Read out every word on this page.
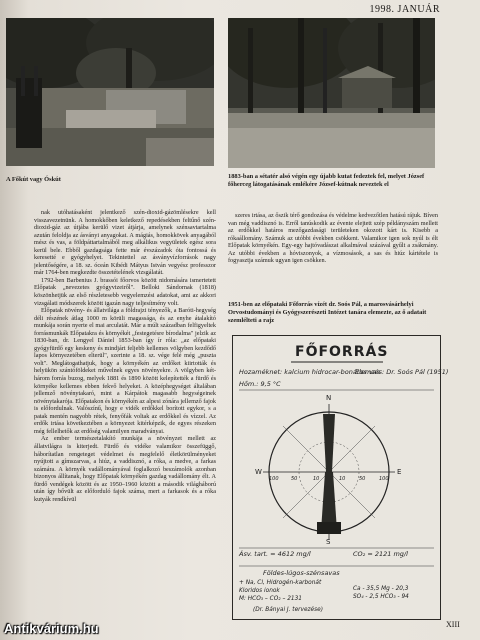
1998. JANUÁR
A Főkút vagy Óskút	1883-ban a sétatér alsó végén egy újabb kutat fedeztek fel, melyet József főherceg látogatásának emlékére József-kútnak neveztek el

nak utóhatásaként jelentkező szén-dioxid-gázömlésekre kell visszavezetnünk. A homokkőben keletkező repedésekben feltűnő szén-dioxid-gáz az útjába kerülő vizet átjárja, amelynek szénsavtartalma azután feloldja az ásványi anyagokat. A mágiás, homokkövek anyagából mész és vas, a földpáttartalmából meg alkálikus vegyületek egész sora kerül bele. Ebből gazdagsága fette már évszázadok óta fontossá és keresetté e gyógyhelyet. Tekintettel az ásványvízforrások nagy jelentőségére, a 18. sz. óceán Kibédi Mátyus István vegyész professzor már 1764-ben megkezdte összetételének vizsgálatát.

1792-ben Barbenius J. brassói főorvos között nidomására ismertetett Előpatak „nevezetes gyógyvizeiről". Belloki Sándornak (1818) köszönhetjük az első részletesebb vegyelemzési adatokat, ami az akkori vizsgálati módszerek között igazán nagy teljesítmény volt.

Előpatak növény- és állatvilága a földrajzi tényezők, a Baróti-hegység déli részének átlag 1000 m körüli magassága, és az enyhe átalakító munkája során nyerte el mai arculatát. Már a múlt században felfigyeltek forrásmunkák Előpatakra és környékét „festegetésre bírodalma" jelzik az 1830-ban, dr. Lengyel Dániel 1853-ban így ír róla: „az előpataki gyógyfürdő egy keskeny és mindjárt feljebb kellemes völgyben kezdődő lapos környezetében elterül", szerinte a 18. sz. vége felé még „puszta volt". Meglátogathatjuk, hogy a környékén az erdőket kiirtották és helyükön szántóföldeket művelnek egyes növényekre. A völgyben két-három forrás buzog, melyek 1881 és 1890 között kelepítették a fürdő és környéke kellemes ebben fekvő helyeket. A középhegységet általában jellemző növénytakaró, mint a Kárpátok magasabb hegységeinek növénytakarója. Előpatakon és környékén az alpesi zónára jellemző fajok is előfordulnak. Valószínű, hogy e vidék erdőkkel borított egykor, s a patak mentén nagyobb rétek, fenyőfák voltak az erdőkkel és vízzel. Az erdők irtása következtében a környezet kitérképzik, de egyes részeken még fellelhetők az erdőség valamilyen maradványai.

Az ember természetalakító munkája a növényzet mellett az állatvilágra is kiterjedt. Fürdő és vidéke valamikor összefüggő, háborítatlan rengeteget védelmet és megfelelő életkörülményeket nyújtott a gímszarvas, a hiúz, a vaddisznó, a róka, a medve, a farkas számára. A környék vadállományával foglalkozó beszámolók azonban bizonyos állítanak, hogy Előpatak környékén gazdag vadállomány élt. A fürdő vendégek között és az 1950–1960 között a második világháború után így bővült az előforduló fajok száma, mert a farkasok és a róka kutyák rendkívül

szeres irtása, az őszik térő gondozása és védelme kedvezőtlen hatású rájuk. Bíven van még vaddisznó is. Erről tanúskodik az évente elejtett szép példányszám mellett az erdőkkel határos mezőgazdasági területeken okozott kárt is. Kisebb a rókaállomány. Számuk az utóbbi években csökkent. Valamikor igen sok nyúl is élt Előpatak környékén. Egy-egy hajtóvadászat alkalmával százával gyűlt a zsákmány. Az utóbbi években a hóviszonyok, a vízmosások, a sas és hiúz kártétele is fogyasztja számuk ugyan igen csökken.

1951-ben az előpataki Főforrás vízét dr. Soós Pál, a marosvásárhelyi Orvostudományi és Gyógyszerészeti Intézet tanára elemezte, az ő adatait szemlélteti a rajz
FŐFORRÁS
Hozaméknet: kalcium hidrocar-bonátos vas
Elemzés: Dr. Soós Pál (1951)
Hőm.: 9,5 °C
N
S
E
W
100 50	10	10	50	100
Ásv. tart. = 4612 mg/l	CO₂ = 2121 mg/l
Földes-lúgos-szénsavas
+ Na, Cl, Hidrogén-karbonát
Kloridos ionok
M: HCO₃ – CO₂ – 2131
Ca - 35,5 Mg - 20,3
SO₄ - 2,5 HCO₃ - 94
(Dr. Bányai J. tervezése)
XIII
Antikvárium.hu
